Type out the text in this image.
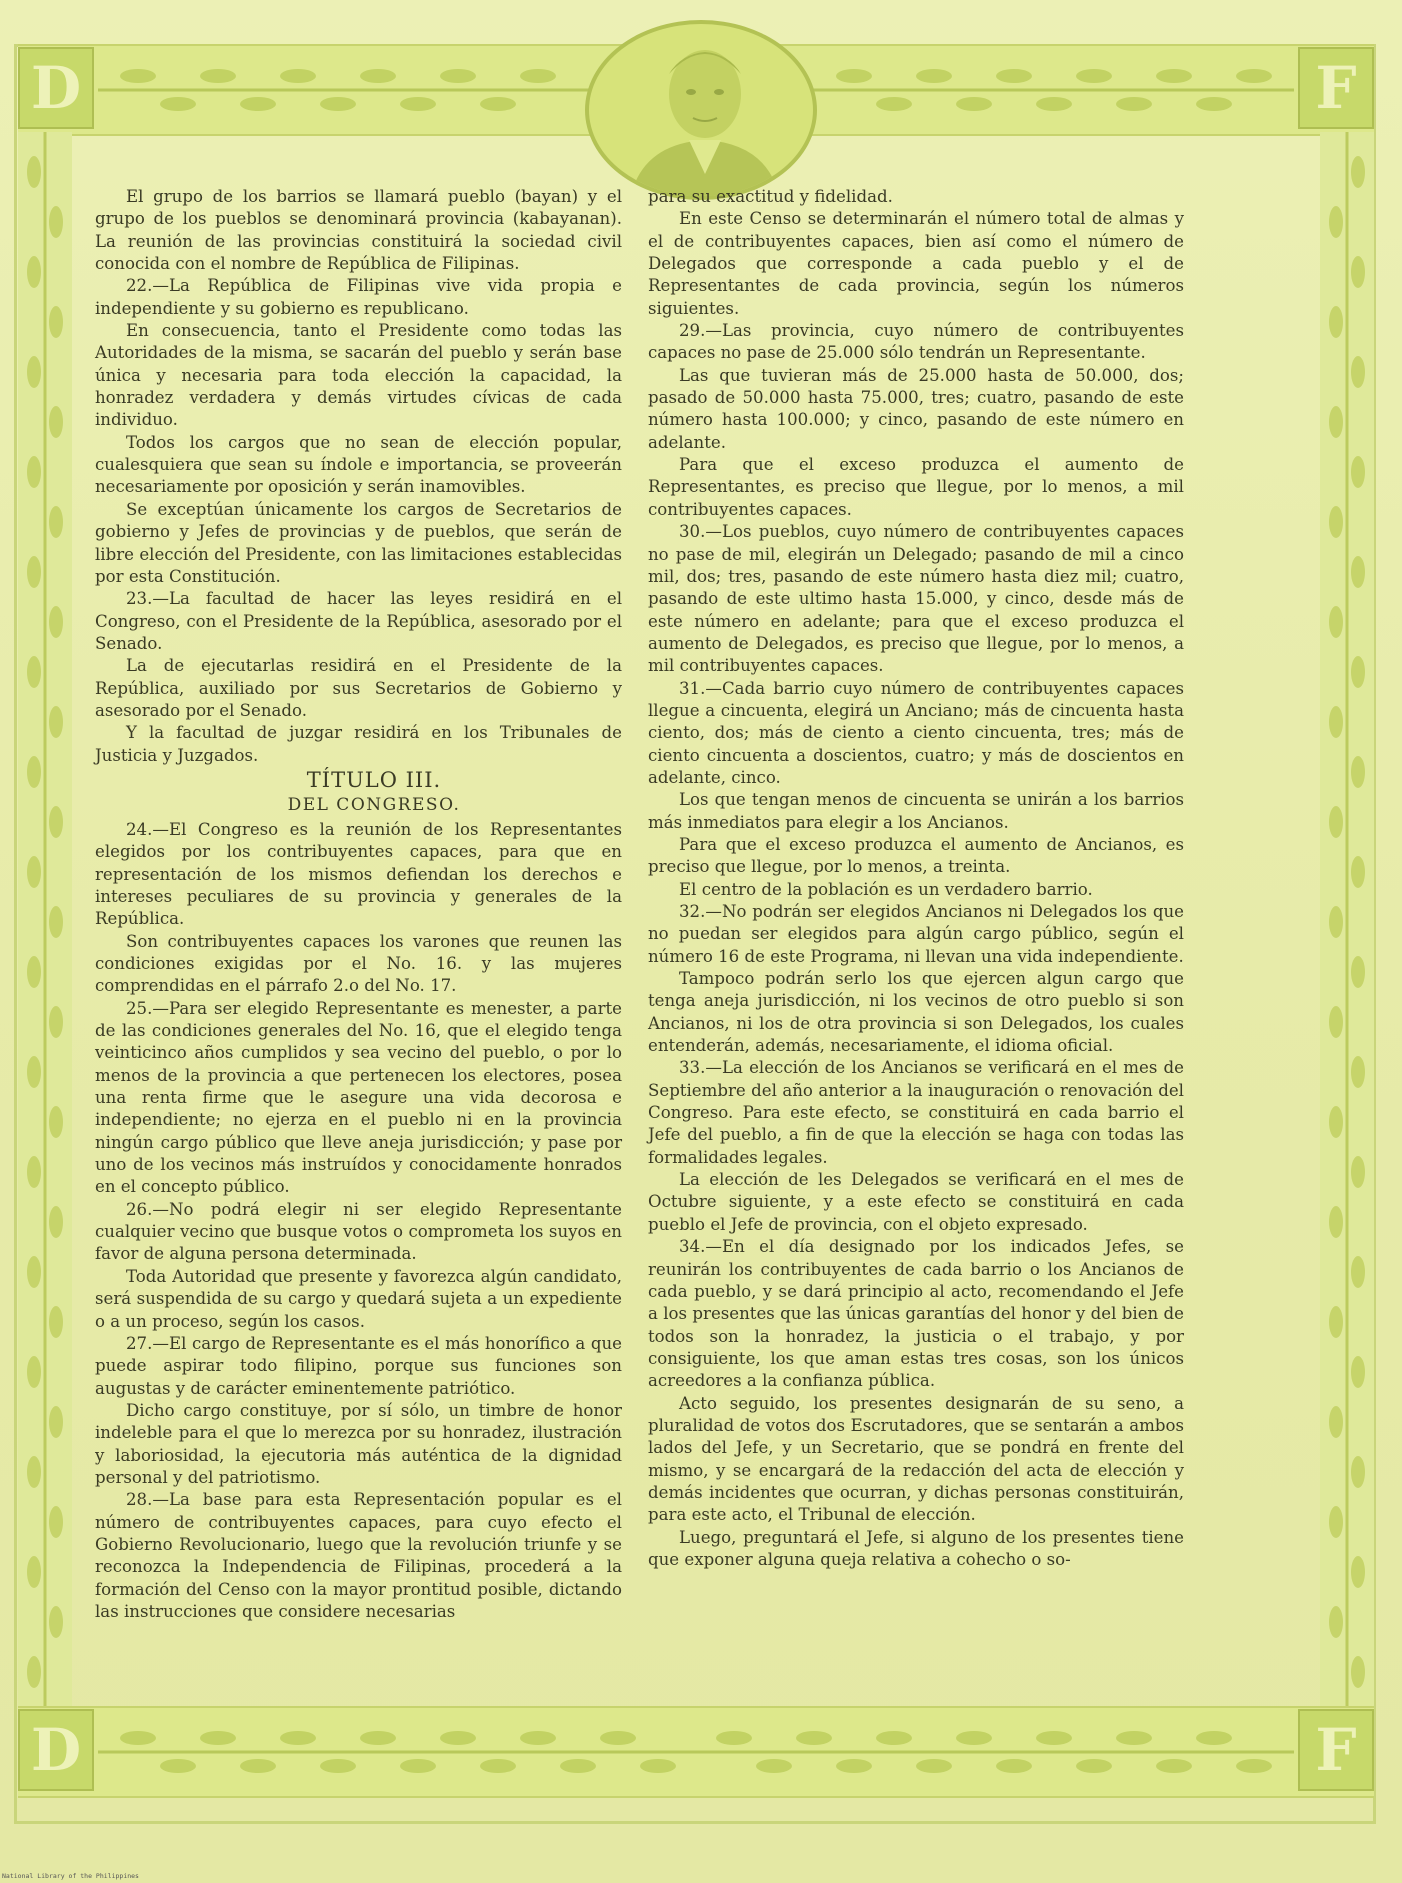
D	F
D	F

El grupo de los barrios se llamará pueblo (bayan) y el grupo de los pueblos se denominará provincia (kabayanan). La reunión de las provincias constituirá la sociedad civil conocida con el nombre de República de Filipinas.

22.—La República de Filipinas vive vida propia e independiente y su gobierno es republicano.

En consecuencia, tanto el Presidente como todas las Autoridades de la misma, se sacarán del pueblo y serán base única y necesaria para toda elección la capacidad, la honradez verdadera y demás virtudes cívicas de cada individuo.

Todos los cargos que no sean de elección popular, cualesquiera que sean su índole e importancia, se proveerán necesariamente por oposición y serán inamovibles.

Se exceptúan únicamente los cargos de Secretarios de gobierno y Jefes de provincias y de pueblos, que serán de libre elección del Presidente, con las limitaciones establecidas por esta Constitución.

23.—La facultad de hacer las leyes residirá en el Congreso, con el Presidente de la República, asesorado por el Senado.

La de ejecutarlas residirá en el Presidente de la República, auxiliado por sus Secretarios de Gobierno y asesorado por el Senado.

Y la facultad de juzgar residirá en los Tribunales de Justicia y Juzgados.

TÍTULO III.

DEL CONGRESO.

24.—El Congreso es la reunión de los Representantes elegidos por los contribuyentes capaces, para que en representación de los mismos defiendan los derechos e intereses peculiares de su provincia y generales de la República.

Son contribuyentes capaces los varones que reunen las condiciones exigidas por el No. 16. y las mujeres comprendidas en el párrafo 2.o del No. 17.

25.—Para ser elegido Representante es menester, a parte de las condiciones generales del No. 16, que el elegido tenga veinticinco años cumplidos y sea vecino del pueblo, o por lo menos de la provincia a que pertenecen los electores, posea una renta firme que le asegure una vida decorosa e independiente; no ejerza en el pueblo ni en la provincia ningún cargo público que lleve aneja jurisdicción; y pase por uno de los vecinos más instruídos y conocidamente honrados en el concepto público.

26.—No podrá elegir ni ser elegido Representante cualquier vecino que busque votos o comprometa los suyos en favor de alguna persona determinada.

Toda Autoridad que presente y favorezca algún candidato, será suspendida de su cargo y quedará sujeta a un expediente o a un proceso, según los casos.

27.—El cargo de Representante es el más honorífico a que puede aspirar todo filipino, porque sus funciones son augustas y de carácter eminentemente patriótico.

Dicho cargo constituye, por sí sólo, un timbre de honor indeleble para el que lo merezca por su honradez, ilustración y laboriosidad, la ejecutoria más auténtica de la dignidad personal y del patriotismo.

28.—La base para esta Representación popular es el número de contribuyentes capaces, para cuyo efecto el Gobierno Revolucionario, luego que la revolución triunfe y se reconozca la Independencia de Filipinas, procederá a la formación del Censo con la mayor prontitud posible, dictando las instrucciones que considere necesarias

para su exactitud y fidelidad.

En este Censo se determinarán el número total de almas y el de contribuyentes capaces, bien así como el número de Delegados que corresponde a cada pueblo y el de Representantes de cada provincia, según los números siguientes.

29.—Las provincia, cuyo número de contribuyentes capaces no pase de 25.000 sólo tendrán un Representante.

Las que tuvieran más de 25.000 hasta de 50.000, dos; pasado de 50.000 hasta 75.000, tres; cuatro, pasando de este número hasta 100.000; y cinco, pasando de este número en adelante.

Para que el exceso produzca el aumento de Representantes, es preciso que llegue, por lo menos, a mil contribuyentes capaces.

30.—Los pueblos, cuyo número de contribuyentes capaces no pase de mil, elegirán un Delegado; pasando de mil a cinco mil, dos; tres, pasando de este número hasta diez mil; cuatro, pasando de este ultimo hasta 15.000, y cinco, desde más de este número en adelante; para que el exceso produzca el aumento de Delegados, es preciso que llegue, por lo menos, a mil contribuyentes capaces.

31.—Cada barrio cuyo número de contribuyentes capaces llegue a cincuenta, elegirá un Anciano; más de cincuenta hasta ciento, dos; más de ciento a ciento cincuenta, tres; más de ciento cincuenta a doscientos, cuatro; y más de doscientos en adelante, cinco.

Los que tengan menos de cincuenta se unirán a los barrios más inmediatos para elegir a los Ancianos.

Para que el exceso produzca el aumento de Ancianos, es preciso que llegue, por lo menos, a treinta.

El centro de la población es un verdadero barrio.

32.—No podrán ser elegidos Ancianos ni Delegados los que no puedan ser elegidos para algún cargo público, según el número 16 de este Programa, ni llevan una vida independiente.

Tampoco podrán serlo los que ejercen algun cargo que tenga aneja jurisdicción, ni los vecinos de otro pueblo si son Ancianos, ni los de otra provincia si son Delegados, los cuales entenderán, además, necesariamente, el idioma oficial.

33.—La elección de los Ancianos se verificará en el mes de Septiembre del año anterior a la inauguración o renovación del Congreso. Para este efecto, se constituirá en cada barrio el Jefe del pueblo, a fin de que la elección se haga con todas las formalidades legales.

La elección de les Delegados se verificará en el mes de Octubre siguiente, y a este efecto se constituirá en cada pueblo el Jefe de provincia, con el objeto expresado.

34.—En el día designado por los indicados Jefes, se reunirán los contribuyentes de cada barrio o los Ancianos de cada pueblo, y se dará principio al acto, recomendando el Jefe a los presentes que las únicas garantías del honor y del bien de todos son la honradez, la justicia o el trabajo, y por consiguiente, los que aman estas tres cosas, son los únicos acreedores a la confianza pública.

Acto seguido, los presentes designarán de su seno, a pluralidad de votos dos Escrutadores, que se sentarán a ambos lados del Jefe, y un Secretario, que se pondrá en frente del mismo, y se encargará de la redacción del acta de elección y demás incidentes que ocurran, y dichas personas constituirán, para este acto, el Tribunal de elección.

Luego, preguntará el Jefe, si alguno de los presentes tiene que exponer alguna queja relativa a cohecho o so-

National Library of the Philippines
